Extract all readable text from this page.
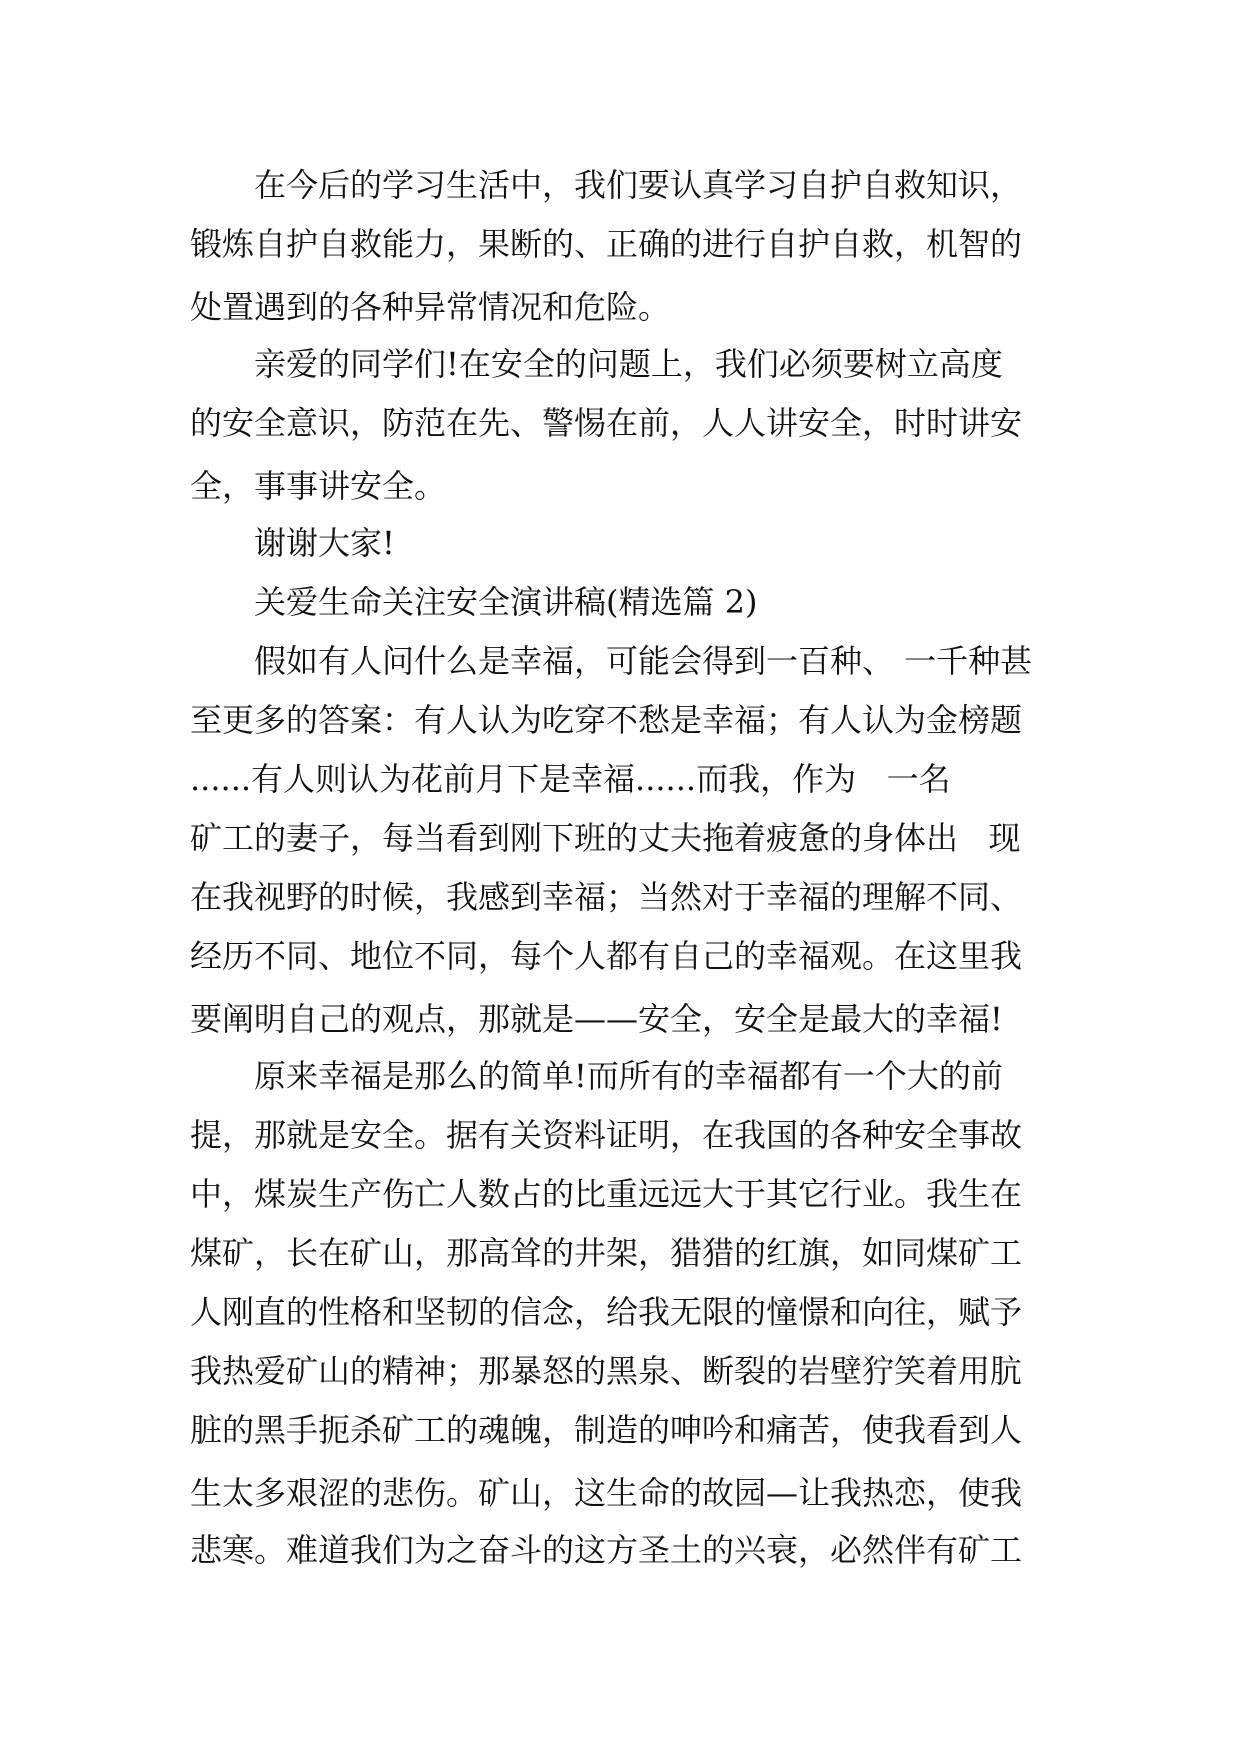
　　在今后的学习生活中，我们要认真学习自护自救知识，
锻炼自护自救能力，果断的、正确的进行自护自救，机智的
处置遇到的各种异常情况和危险。
　　亲爱的同学们!在安全的问题上，我们必须要树立高度
的安全意识，防范在先、警惕在前，人人讲安全，时时讲安
全，事事讲安全。
　　谢谢大家!
　　关爱生命关注安全演讲稿(精选篇 2)
　　假如有人问什么是幸福，可能会得到一百种、 一千种甚
至更多的答案：有人认为吃穿不愁是幸福；有人认为金榜题
......有人则认为花前月下是幸福......而我，作为   一名
矿工的妻子，每当看到刚下班的丈夫拖着疲惫的身体出   现
在我视野的时候，我感到幸福；当然对于幸福的理解不同、
经历不同、地位不同，每个人都有自己的幸福观。在这里我
要阐明自己的观点，那就是——安全，安全是最大的幸福!
　　原来幸福是那么的简单!而所有的幸福都有一个大的前
提，那就是安全。据有关资料证明，在我国的各种安全事故
中，煤炭生产伤亡人数占的比重远远大于其它行业。我生在
煤矿，长在矿山，那高耸的井架，猎猎的红旗，如同煤矿工
人刚直的性格和坚韧的信念，给我无限的憧憬和向往，赋予
我热爱矿山的精神；那暴怒的黑泉、断裂的岩壁狞笑着用肮
脏的黑手扼杀矿工的魂魄，制造的呻吟和痛苦，使我看到人
生太多艰涩的悲伤。矿山，这生命的故园—让我热恋，使我
悲寒。难道我们为之奋斗的这方圣土的兴衰，必然伴有矿工
